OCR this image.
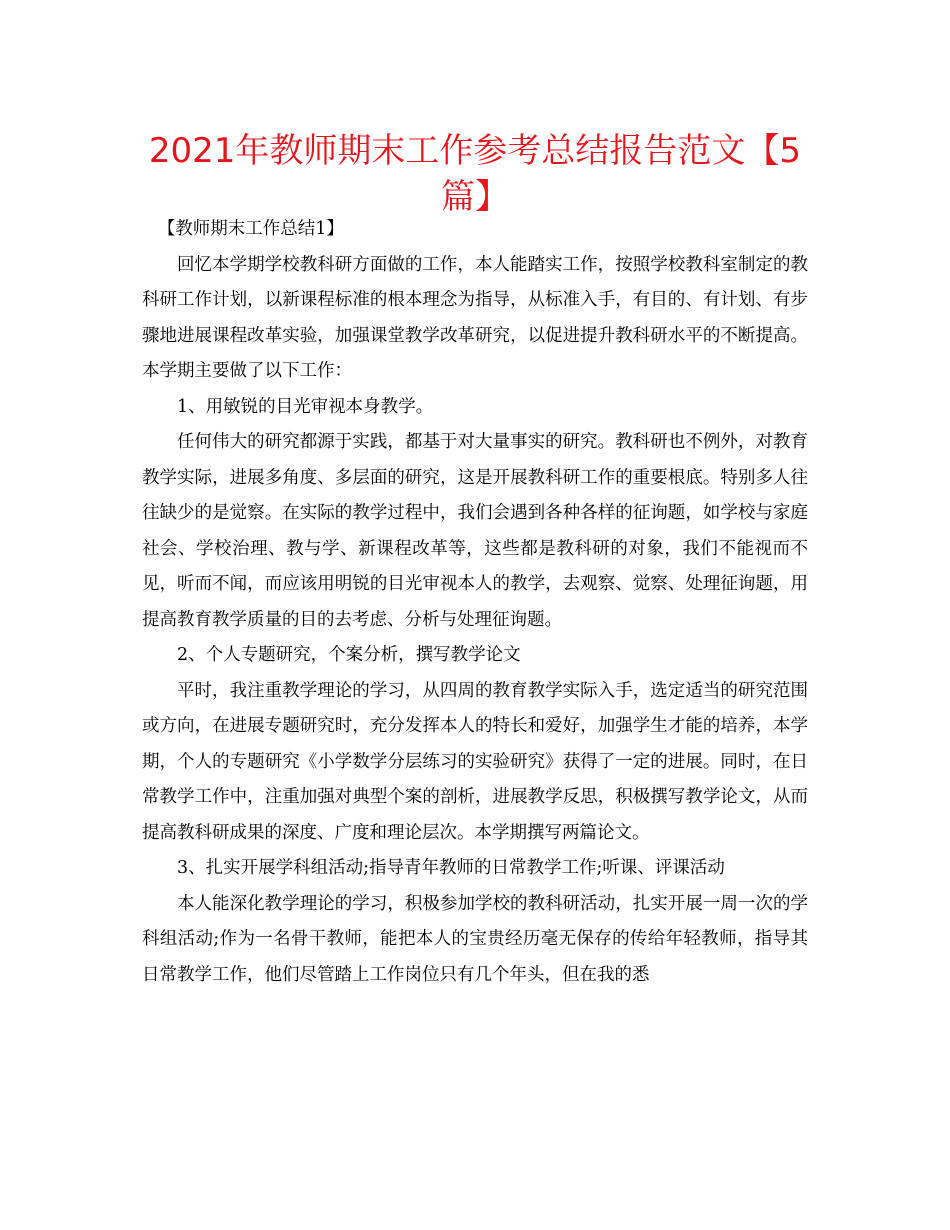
2021年教师期末工作参考总结报告范文【5篇】

【教师期末工作总结1】

回忆本学期学校教科研方面做的工作，本人能踏实工作，按照学校教科室制定的教科研工作计划，以新课程标准的根本理念为指导，从标准入手，有目的、有计划、有步骤地进展课程改革实验，加强课堂教学改革研究，以促进提升教科研水平的不断提高。本学期主要做了以下工作：

1、用敏锐的目光审视本身教学。

任何伟大的研究都源于实践，都基于对大量事实的研究。教科研也不例外，对教育教学实际，进展多角度、多层面的研究，这是开展教科研工作的重要根底。特别多人往往缺少的是觉察。在实际的教学过程中，我们会遇到各种各样的征询题，如学校与家庭社会、学校治理、教与学、新课程改革等，这些都是教科研的对象，我们不能视而不见，听而不闻，而应该用明锐的目光审视本人的教学，去观察、觉察、处理征询题，用提高教育教学质量的目的去考虑、分析与处理征询题。

2、个人专题研究，个案分析，撰写教学论文

平时，我注重教学理论的学习，从四周的教育教学实际入手，选定适当的研究范围或方向，在进展专题研究时，充分发挥本人的特长和爱好，加强学生才能的培养，本学期，个人的专题研究《小学数学分层练习的实验研究》获得了一定的进展。同时，在日常教学工作中，注重加强对典型个案的剖析，进展教学反思，积极撰写教学论文，从而提高教科研成果的深度、广度和理论层次。本学期撰写两篇论文。

3、扎实开展学科组活动;指导青年教师的日常教学工作;听课、评课活动

本人能深化教学理论的学习，积极参加学校的教科研活动，扎实开展一周一次的学科组活动;作为一名骨干教师，能把本人的宝贵经历毫无保存的传给年轻教师，指导其日常教学工作，他们尽管踏上工作岗位只有几个年头，但在我的悉
